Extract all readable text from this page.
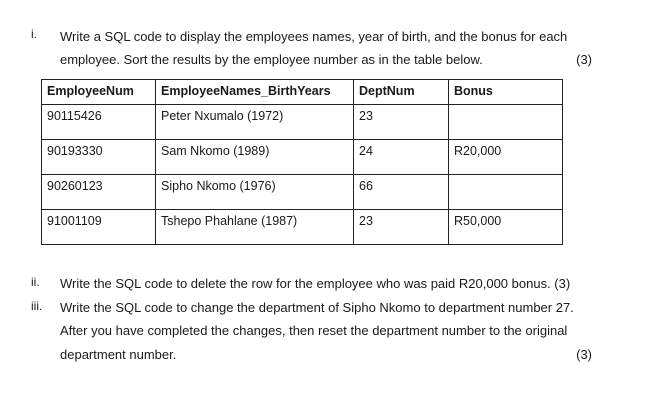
i. Write a SQL code to display the employees names, year of birth, and the bonus for each
employee. Sort the results by the employee number as in the table below.	(3)
EmployeeNum	EmployeeNames_BirthYears	DeptNum	Bonus
90115426	Peter Nxumalo (1972)	23	
90193330	Sam Nkomo (1989)	24	R20,000
90260123	Sipho Nkomo (1976)	66	
91001109	Tshepo Phahlane (1987)	23	R50,000
ii. Write the SQL code to delete the row for the employee who was paid R20,000 bonus. (3)
iii. Write the SQL code to change the department of Sipho Nkomo to department number 27.
After you have completed the changes, then reset the department number to the original
department number.	(3)
